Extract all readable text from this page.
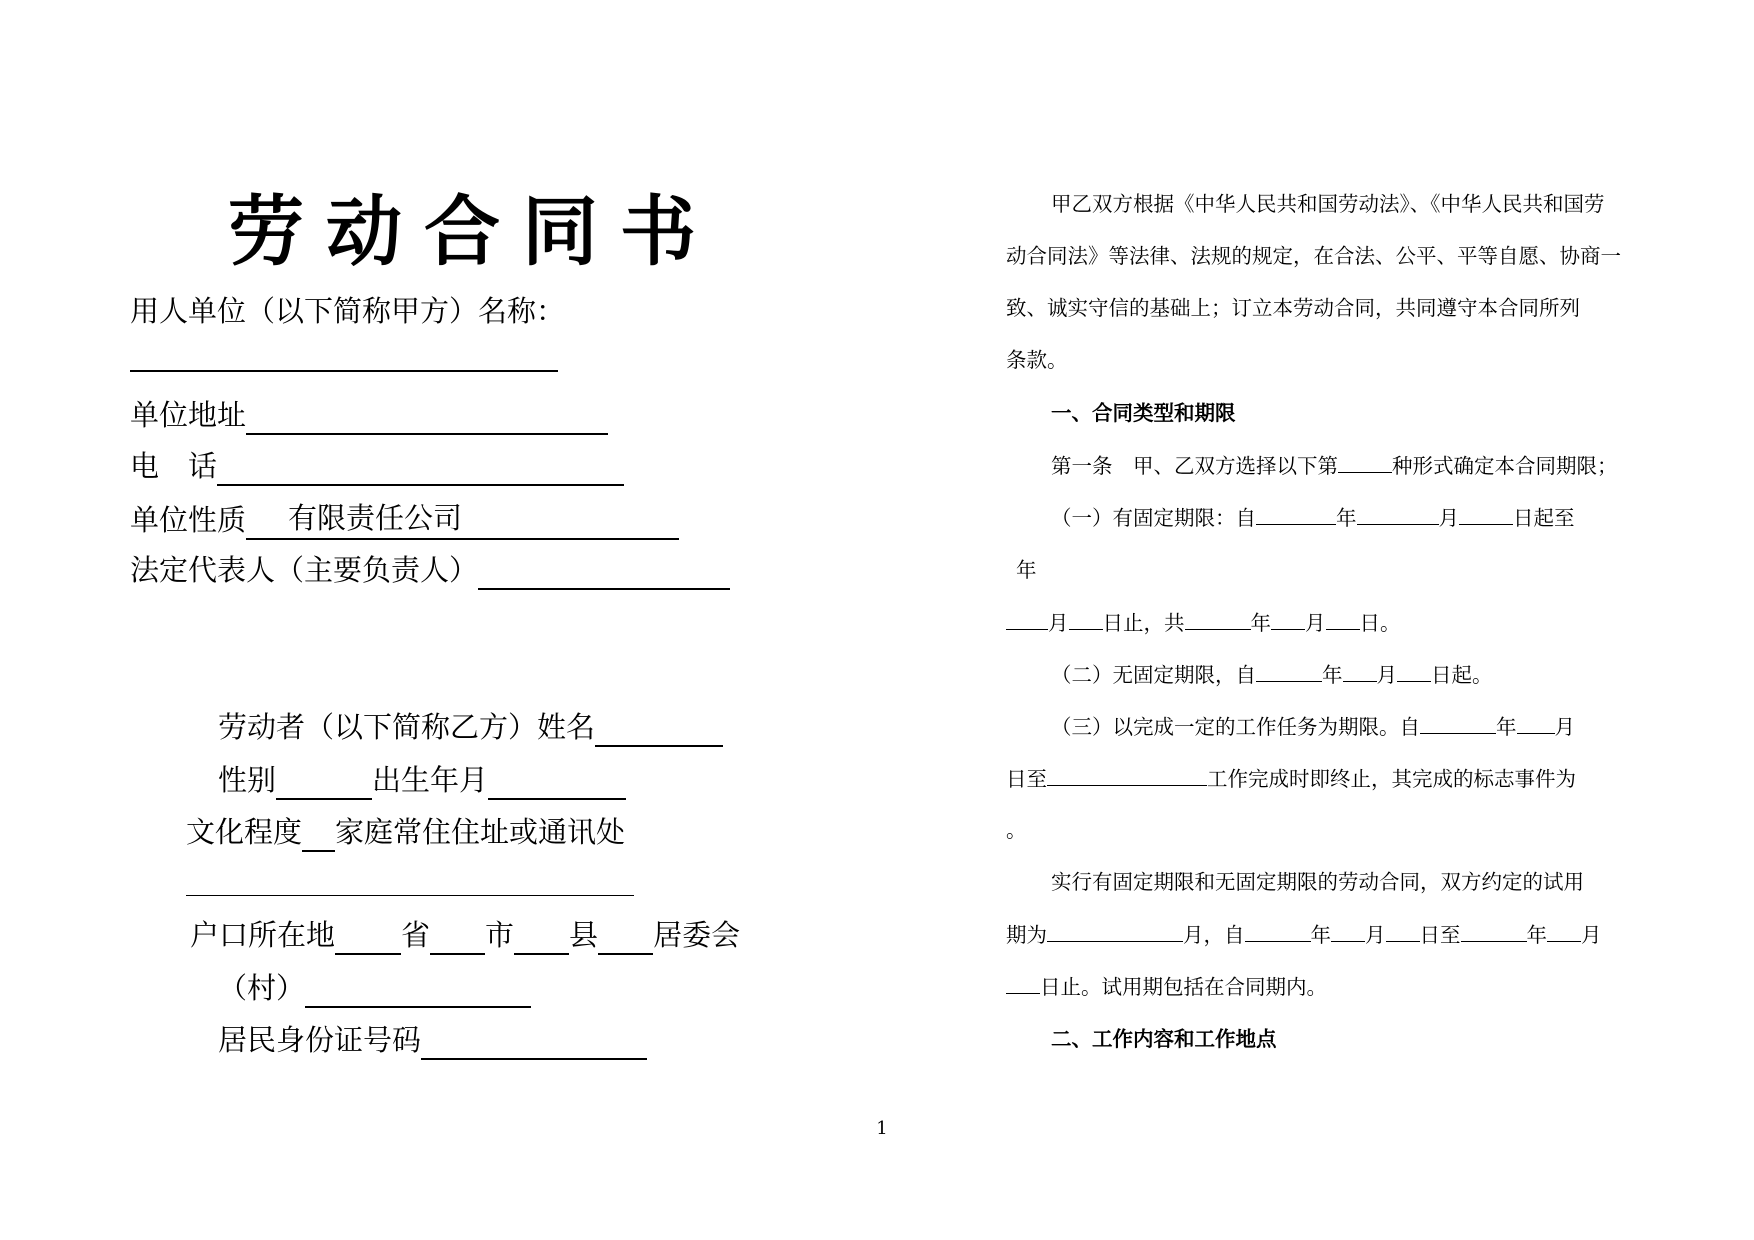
劳动合同书
用人单位（以下简称甲方）名称：
单位地址
电　话
单位性质 有限责任公司
法定代表人（主要负责人）
劳动者（以下简称乙方）姓名
性别	出生年月
文化程度 家庭常住住址或通讯处
户口所在地 省 市 县 居委会
（村）
居民身份证号码
甲乙双方根据《中华人民共和国劳动法》、《中华人民共和国劳
动合同法》等法律、法规的规定，在合法、公平、平等自愿、协商一
致、诚实守信的基础上；订立本劳动合同，共同遵守本合同所列
条款。
一、合同类型和期限
第一条　甲、乙双方选择以下第	种形式确定本合同期限；
（一）有固定期限：自	年	月	日起至
年
月 日止，共	年 月 日。
（二）无固定期限，自	年 月 日起。
（三）以完成一定的工作任务为期限。自	年 月
日至	工作完成时即终止，其完成的标志事件为
。
实行有固定期限和无固定期限的劳动合同，双方约定的试用
期为	月，自	年 月 日至	年 月
日止。试用期包括在合同期内。
二、工作内容和工作地点
1
